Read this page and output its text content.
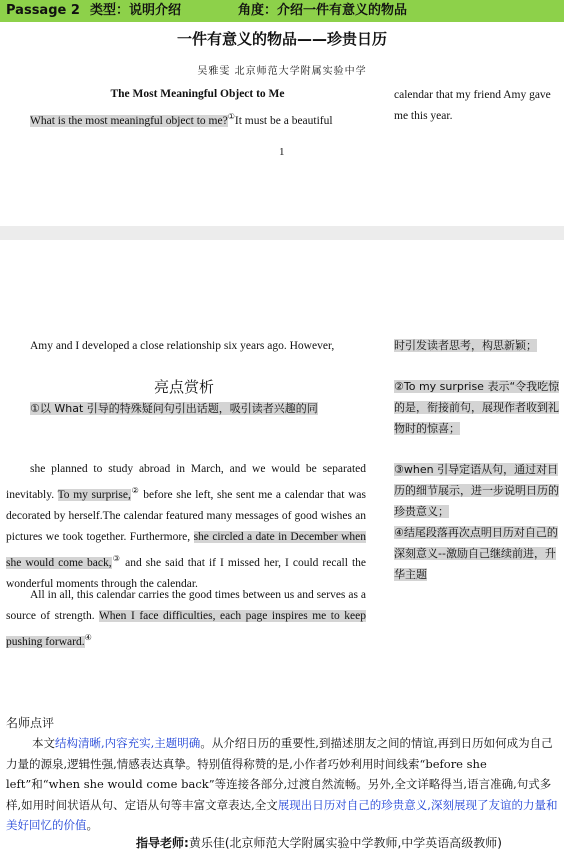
Passage 2 类型：说明介绍	角度：介绍一件有意义的物品
一件有意义的物品——珍贵日历
吴雅雯 北京师范大学附属实验中学
The Most Meaningful Object to Me
What is the most meaningful object to me?①It must be a beautiful
calendar that my friend Amy gave me this year.
1
Amy and I developed a close relationship six years ago. However,
亮点赏析
①以 What 引导的特殊疑问句引出话题，吸引读者兴趣的同
时引发读者思考，构思新颖；
②To my surprise 表示“令我吃惊的是，衔接前句，展现作者收到礼物时的惊喜；
③when 引导定语从句，通过对日历的细节展示，进一步说明日历的珍贵意义；
④结尾段落再次点明日历对自己的深刻意义--激励自己继续前进，升华主题
she planned to study abroad in March, and we would be separated inevitably. To my surprise,② before she left, she sent me a calendar that was decorated by herself.The calendar featured many messages of good wishes an pictures we took together. Furthermore, she circled a date in December when she would come back,③ and she said that if I missed her, I could recall the wonderful moments through the calendar.
All in all, this calendar carries the good times between us and serves as a source of strength. When I face difficulties, each page inspires me to keep pushing forward.④
名师点评
本文结构清晰,内容充实,主题明确。从介绍日历的重要性,到描述朋友之间的情谊,再到日历如何成为自己力量的源泉,逻辑性强,情感表达真挚。特别值得称赞的是,小作者巧妙利用时间线索“before she left”和“when she would come back”等连接各部分,过渡自然流畅。另外,全文详略得当,语言准确,句式多样,如用时间状语从句、定语从句等丰富文章表达,全文展现出日历对自己的珍贵意义,深刻展现了友谊的力量和美好回忆的价值。
指导老师:黄乐佳(北京师范大学附属实验中学教师,中学英语高级教师)
